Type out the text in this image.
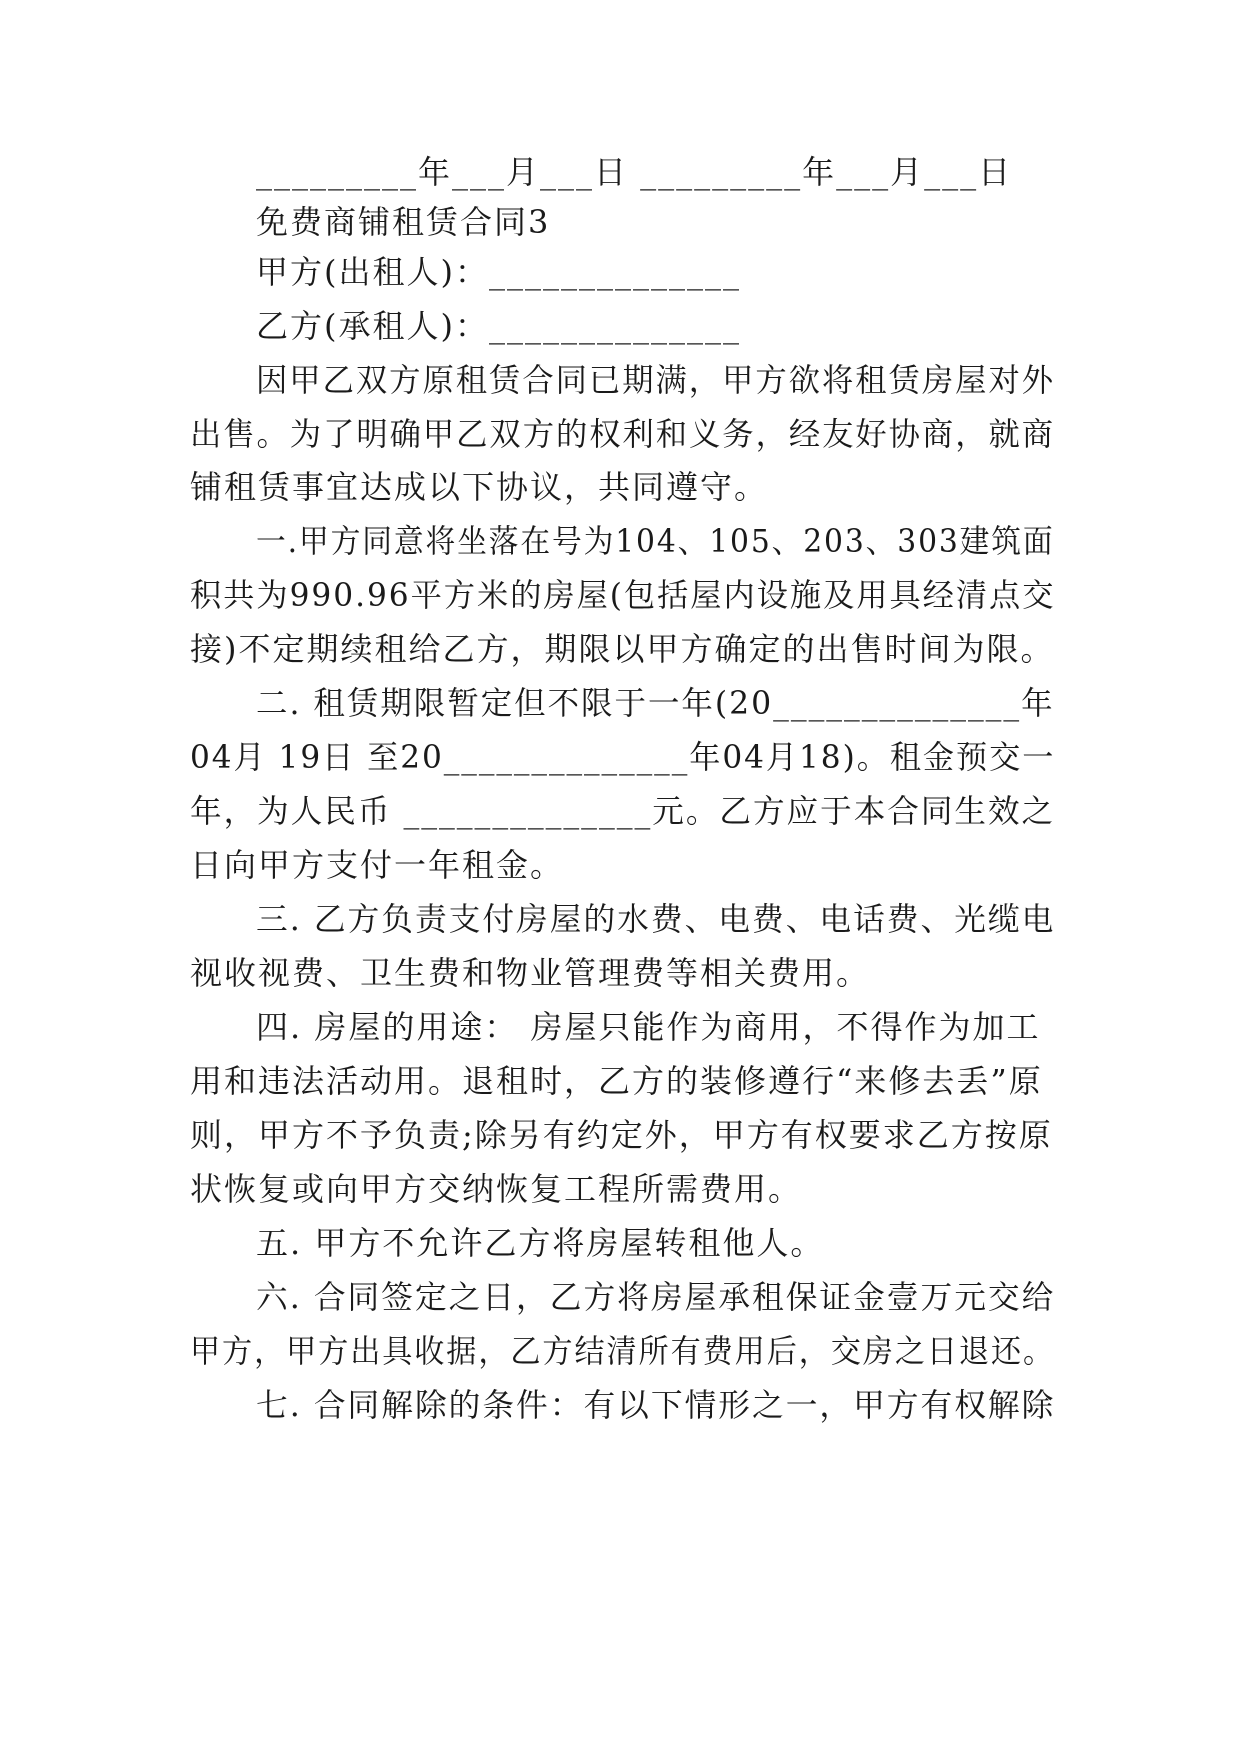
_________年___月___日 _________年___月___日
免费商铺租赁合同3
甲方(出租人)：______________
乙方(承租人)：______________
因甲乙双方原租赁合同已期满，甲方欲将租赁房屋对外
出售。为了明确甲乙双方的权利和义务，经友好协商，就商
铺租赁事宜达成以下协议，共同遵守。
一.甲方同意将坐落在号为104、105、203、303建筑面
积共为990.96平方米的房屋(包括屋内设施及用具经清点交
接)不定期续租给乙方，期限以甲方确定的出售时间为限。
二. 租赁期限暂定但不限于一年(20______________年
04月 19日 至20______________年04月18)。租金预交一
年，为人民币 ______________元。乙方应于本合同生效之
日向甲方支付一年租金。
三. 乙方负责支付房屋的水费、电费、电话费、光缆电
视收视费、卫生费和物业管理费等相关费用。
四. 房屋的用途： 房屋只能作为商用，不得作为加工
用和违法活动用。退租时，乙方的装修遵行“来修去丢”原
则，甲方不予负责;除另有约定外，甲方有权要求乙方按原
状恢复或向甲方交纳恢复工程所需费用。
五. 甲方不允许乙方将房屋转租他人。
六. 合同签定之日，乙方将房屋承租保证金壹万元交给
甲方，甲方出具收据，乙方结清所有费用后，交房之日退还。
七. 合同解除的条件：有以下情形之一，甲方有权解除
